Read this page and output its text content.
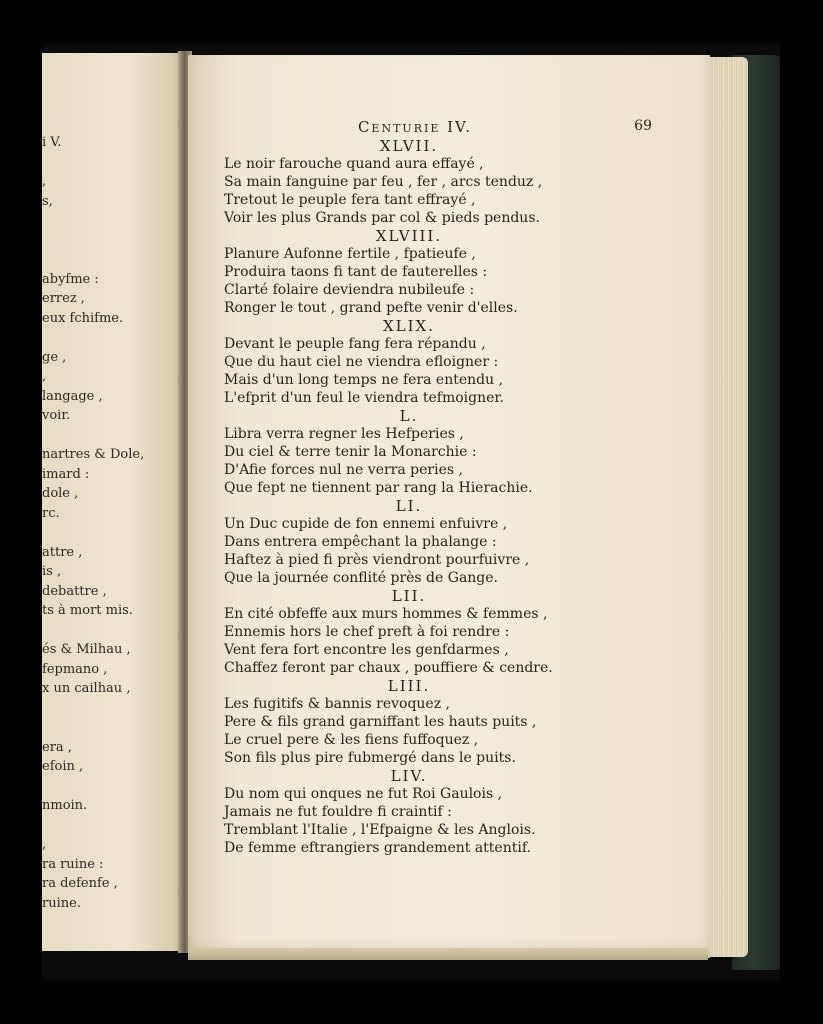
i V.
,
s,
abyfme :
errez ,
eux fchifme.
ge ,
,
langage ,
voir.
nartres & Dole,
imard :
dole ,
rc.
attre ,
is ,
debattre ,
ts à mort mis.
és & Milhau ,
fepmano ,
x un cailhau ,
era ,
efoin ,
nmoin.
,
ra ruine :
ra defenfe ,
ruine.
Centurie IV.	69
XLVII.
Le noir farouche quand aura effayé ,
Sa main fanguine par feu , fer , arcs tenduz ,
Tretout le peuple fera tant effrayé ,
Voir les plus Grands par col & pieds pendus.
XLVIII.
Planure Aufonne fertile , fpatieufe ,
Produira taons fi tant de fauterelles :
Clarté folaire deviendra nubileufe :
Ronger le tout , grand pefte venir d'elles.
XLIX.
Devant le peuple fang fera répandu ,
Que du haut ciel ne viendra efloigner :
Mais d'un long temps ne fera entendu ,
L'efprit d'un feul le viendra tefmoigner.
L.
Libra verra regner les Hefperies ,
Du ciel & terre tenir la Monarchie :
D'Afie forces nul ne verra peries ,
Que fept ne tiennent par rang la Hierachie.
LI.
Un Duc cupide de fon ennemi enfuivre ,
Dans entrera empêchant la phalange :
Haftez à pied fi près viendront pourfuivre ,
Que la journée conflité près de Gange.
LII.
En cité obfeffe aux murs hommes & femmes ,
Ennemis hors le chef preft à foi rendre :
Vent fera fort encontre les genfdarmes ,
Chaffez feront par chaux , pouffiere & cendre.
LIII.
Les fugitifs & bannis revoquez ,
Pere & fils grand garniffant les hauts puits ,
Le cruel pere & les fiens fuffoquez ,
Son fils plus pire fubmergé dans le puits.
LIV.
Du nom qui onques ne fut Roi Gaulois ,
Jamais ne fut fouldre fi craintif :
Tremblant l'Italie , l'Efpaigne & les Anglois.
De femme eftrangiers grandement attentif.
